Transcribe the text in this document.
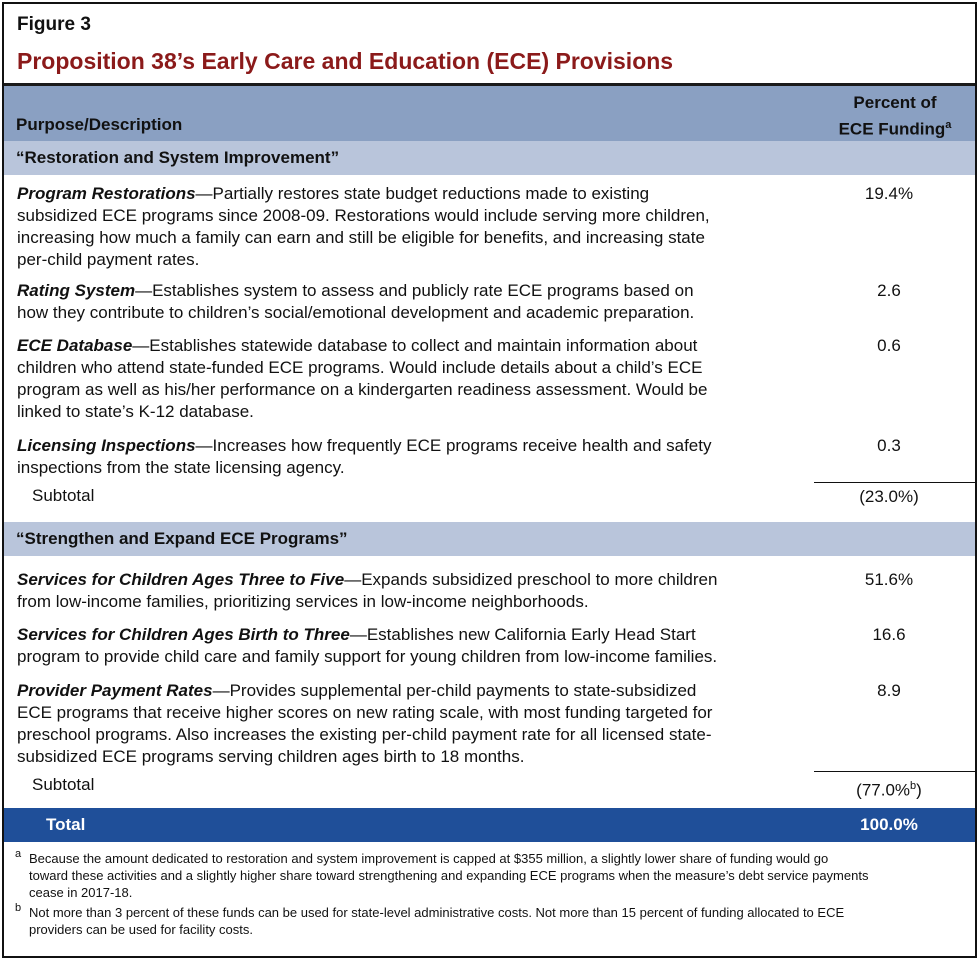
Figure 3
Proposition 38’s Early Care and Education (ECE) Provisions
Purpose/Description
Percent of
ECE Funding$^a$
“Restoration and System Improvement”
Program Restorations—Partially restores state budget reductions made to existing
subsidized ECE programs since 2008-09. Restorations would include serving more children,
increasing how much a family can earn and still be eligible for benefits, and increasing state
per-child payment rates.
19.4%
Rating System—Establishes system to assess and publicly rate ECE programs based on
how they contribute to children’s social/emotional development and academic preparation.
2.6
ECE Database—Establishes statewide database to collect and maintain information about
children who attend state-funded ECE programs. Would include details about a child’s ECE
program as well as his/her performance on a kindergarten readiness assessment. Would be
linked to state’s K-12 database.
0.6
Licensing Inspections—Increases how frequently ECE programs receive health and safety
inspections from the state licensing agency.
0.3
Subtotal	(23.0%)
“Strengthen and Expand ECE Programs”
Services for Children Ages Three to Five—Expands subsidized preschool to more children
from low-income families, prioritizing services in low-income neighborhoods.
51.6%
Services for Children Ages Birth to Three—Establishes new California Early Head Start
program to provide child care and family support for young children from low-income families.
16.6
Provider Payment Rates—Provides supplemental per-child payments to state-subsidized
ECE programs that receive higher scores on new rating scale, with most funding targeted for
preschool programs. Also increases the existing per-child payment rate for all licensed state-
subsidized ECE programs serving children ages birth to 18 months.
8.9
Subtotal	(77.0%$^b$)
Total	100.0%
a Because the amount dedicated to restoration and system improvement is capped at $355 million, a slightly lower share of funding would go
toward these activities and a slightly higher share toward strengthening and expanding ECE programs when the measure’s debt service payments
cease in 2017-18.
b Not more than 3 percent of these funds can be used for state-level administrative costs. Not more than 15 percent of funding allocated to ECE
providers can be used for facility costs.
